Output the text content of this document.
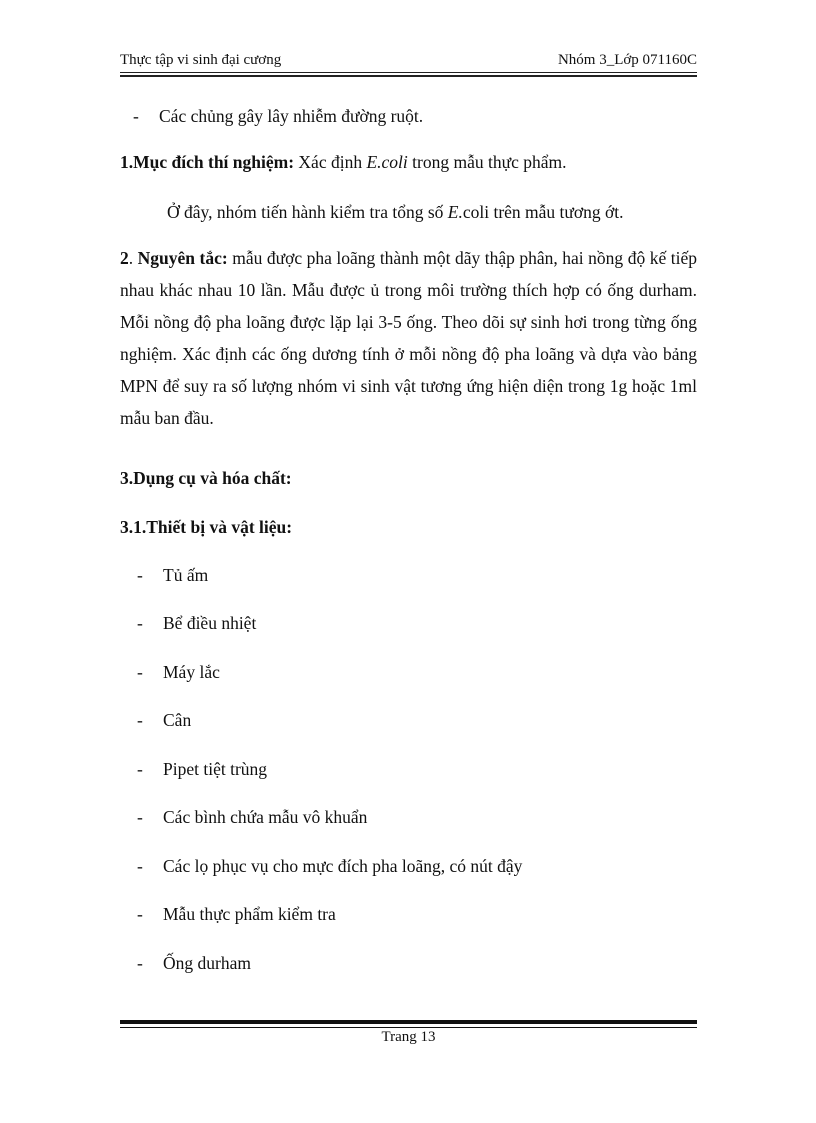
Thực tập vi sinh đại cương	Nhóm 3_Lớp 071160C
- Các chủng gây lây nhiễm đường ruột.
1.Mục đích thí nghiệm: Xác định E.coli trong mẫu thực phẩm.
Ở đây, nhóm tiến hành kiểm tra tổng số E.coli trên mẫu tương ớt.
2. Nguyên tắc: mẫu được pha loãng thành một dãy thập phân, hai nồng độ kế tiếp nhau khác nhau 10 lần. Mẫu được ủ trong môi trường thích hợp có ống durham. Mỗi nồng độ pha loãng được lặp lại 3-5 ống. Theo dõi sự sinh hơi trong từng ống nghiệm. Xác định các ống dương tính ở mỗi nồng độ pha loãng và dựa vào bảng MPN để suy ra số lượng nhóm vi sinh vật tương ứng hiện diện trong 1g hoặc 1ml mẫu ban đầu.
3.Dụng cụ và hóa chất:
3.1.Thiết bị và vật liệu:
- Tủ ấm
- Bể điều nhiệt
- Máy lắc
- Cân
- Pipet tiệt trùng
- Các bình chứa mẫu vô khuẩn
- Các lọ phục vụ cho mực đích pha loãng, có nút đậy
- Mẫu thực phẩm kiểm tra
- Ống durham
Trang 13
